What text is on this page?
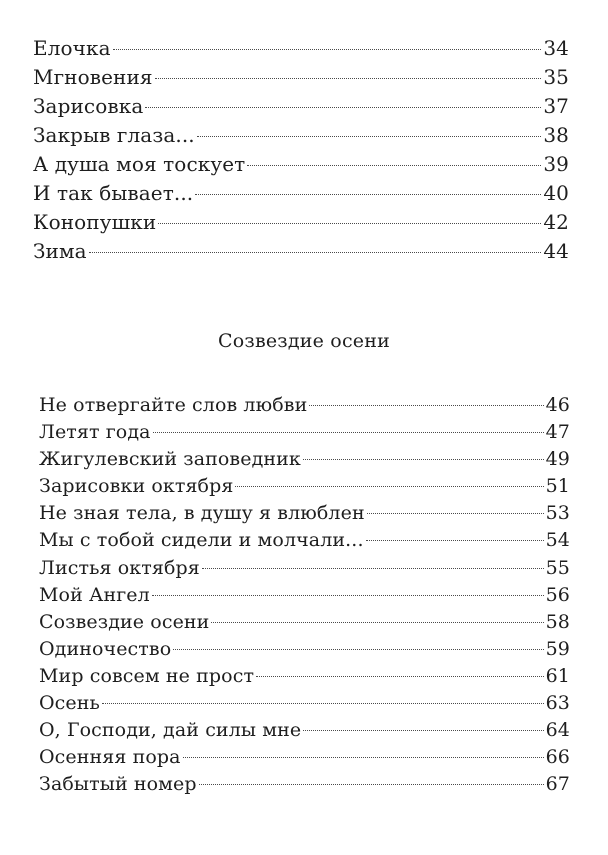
Елочка	34
Мгновения	35
Зарисовка	37
Закрыв глаза...	38
А душа моя тоскует	39
И так бывает...	40
Конопушки	42
Зима	44
Созвездие осени
Не отвергайте слов любви	46
Летят года	47
Жигулевский заповедник	49
Зарисовки октября	51
Не зная тела, в душу я влюблен	53
Мы с тобой сидели и молчали...	54
Листья октября	55
Мой Ангел	56
Созвездие осени	58
Одиночество	59
Мир совсем не прост	61
Осень	63
О, Господи, дай силы мне	64
Осенняя пора	66
Забытый номер	67
